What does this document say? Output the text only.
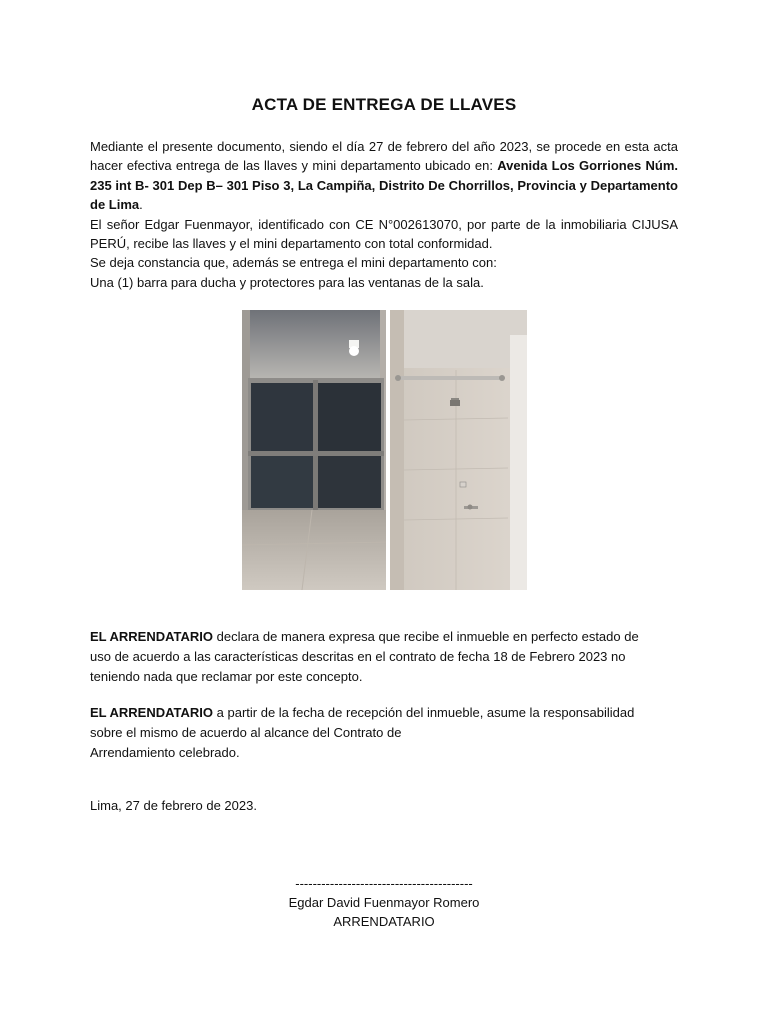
ACTA DE ENTREGA DE LLAVES

Mediante el presente documento, siendo el día 27 de febrero del año 2023, se procede en esta acta hacer efectiva entrega de las llaves y mini departamento ubicado en: Avenida Los Gorriones Núm. 235 int B- 301 Dep B– 301 Piso 3, La Campiña, Distrito De Chorrillos, Provincia y Departamento de Lima.

El señor Edgar Fuenmayor, identificado con CE N°002613070, por parte de la inmobiliaria CIJUSA PERÚ, recibe las llaves y el mini departamento con total conformidad.

Se deja constancia que, además se entrega el mini departamento con:

Una (1) barra para ducha y protectores para las ventanas de la sala.

EL ARRENDATARIO declara de manera expresa que recibe el inmueble en perfecto estado de

uso de acuerdo a las características descritas en el contrato de fecha 18 de Febrero 2023 no

teniendo nada que reclamar por este concepto.

EL ARRENDATARIO a partir de la fecha de recepción del inmueble, asume la responsabilidad

sobre el mismo de acuerdo al alcance del Contrato de

Arrendamiento celebrado.

Lima, 27 de febrero de 2023.
-----------------------------------------
Egdar David Fuenmayor Romero
ARRENDATARIO
